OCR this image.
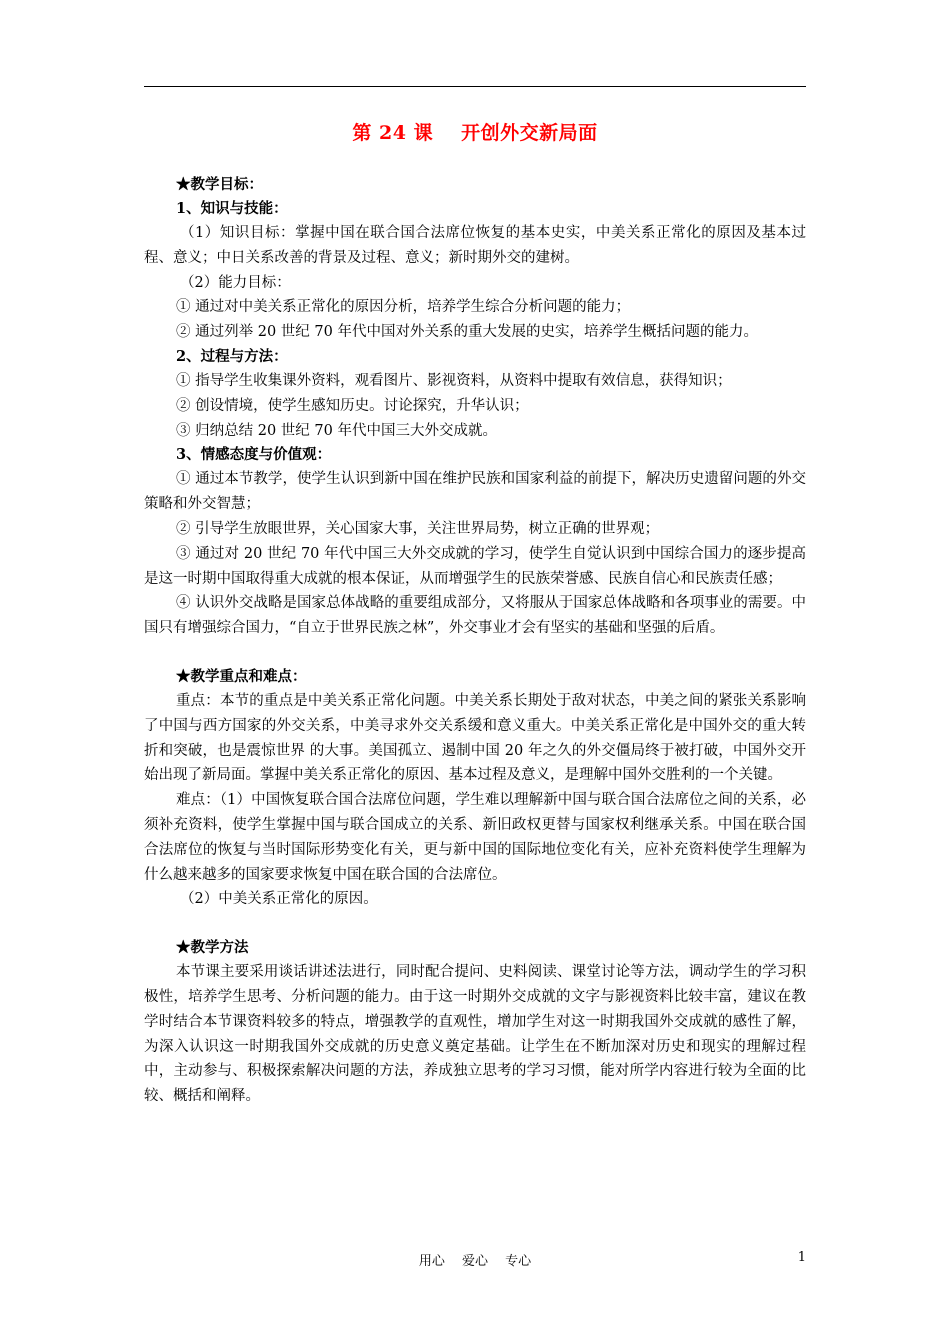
第 24 课 开创外交新局面

★教学目标：

1、知识与技能：

（1）知识目标：掌握中国在联合国合法席位恢复的基本史实，中美关系正常化的原因及基本过程、意义；中日关系改善的背景及过程、意义；新时期外交的建树。

（2）能力目标：

① 通过对中美关系正常化的原因分析，培养学生综合分析问题的能力；

② 通过列举 20 世纪 70 年代中国对外关系的重大发展的史实，培养学生概括问题的能力。

2、过程与方法：

① 指导学生收集课外资料，观看图片、影视资料，从资料中提取有效信息，获得知识；

② 创设情境，使学生感知历史。讨论探究，升华认识；

③ 归纳总结 20 世纪 70 年代中国三大外交成就。

3、情感态度与价值观：

① 通过本节教学，使学生认识到新中国在维护民族和国家利益的前提下，解决历史遗留问题的外交策略和外交智慧；

② 引导学生放眼世界，关心国家大事，关注世界局势，树立正确的世界观；

③ 通过对 20 世纪 70 年代中国三大外交成就的学习，使学生自觉认识到中国综合国力的逐步提高是这一时期中国取得重大成就的根本保证，从而增强学生的民族荣誉感、民族自信心和民族责任感；

④ 认识外交战略是国家总体战略的重要组成部分，又将服从于国家总体战略和各项事业的需要。中国只有增强综合国力，“自立于世界民族之林”，外交事业才会有坚实的基础和坚强的后盾。

★教学重点和难点：

重点：本节的重点是中美关系正常化问题。中美关系长期处于敌对状态，中美之间的紧张关系影响了中国与西方国家的外交关系，中美寻求外交关系缓和意义重大。中美关系正常化是中国外交的重大转折和突破，也是震惊世界 的大事。美国孤立、遏制中国 20 年之久的外交僵局终于被打破，中国外交开始出现了新局面。掌握中美关系正常化的原因、基本过程及意义，是理解中国外交胜利的一个关键。

难点：（1）中国恢复联合国合法席位问题，学生难以理解新中国与联合国合法席位之间的关系，必须补充资料，使学生掌握中国与联合国成立的关系、新旧政权更替与国家权利继承关系。中国在联合国合法席位的恢复与当时国际形势变化有关，更与新中国的国际地位变化有关，应补充资料使学生理解为什么越来越多的国家要求恢复中国在联合国的合法席位。

（2）中美关系正常化的原因。

★教学方法

本节课主要采用谈话讲述法进行，同时配合提问、史料阅读、课堂讨论等方法，调动学生的学习积极性，培养学生思考、分析问题的能力。由于这一时期外交成就的文字与影视资料比较丰富，建议在教学时结合本节课资料较多的特点，增强教学的直观性，增加学生对这一时期我国外交成就的感性了解，为深入认识这一时期我国外交成就的历史意义奠定基础。让学生在不断加深对历史和现实的理解过程中，主动参与、积极探索解决问题的方法，养成独立思考的学习习惯，能对所学内容进行较为全面的比较、概括和阐释。

用心　 爱心　 专心	1
